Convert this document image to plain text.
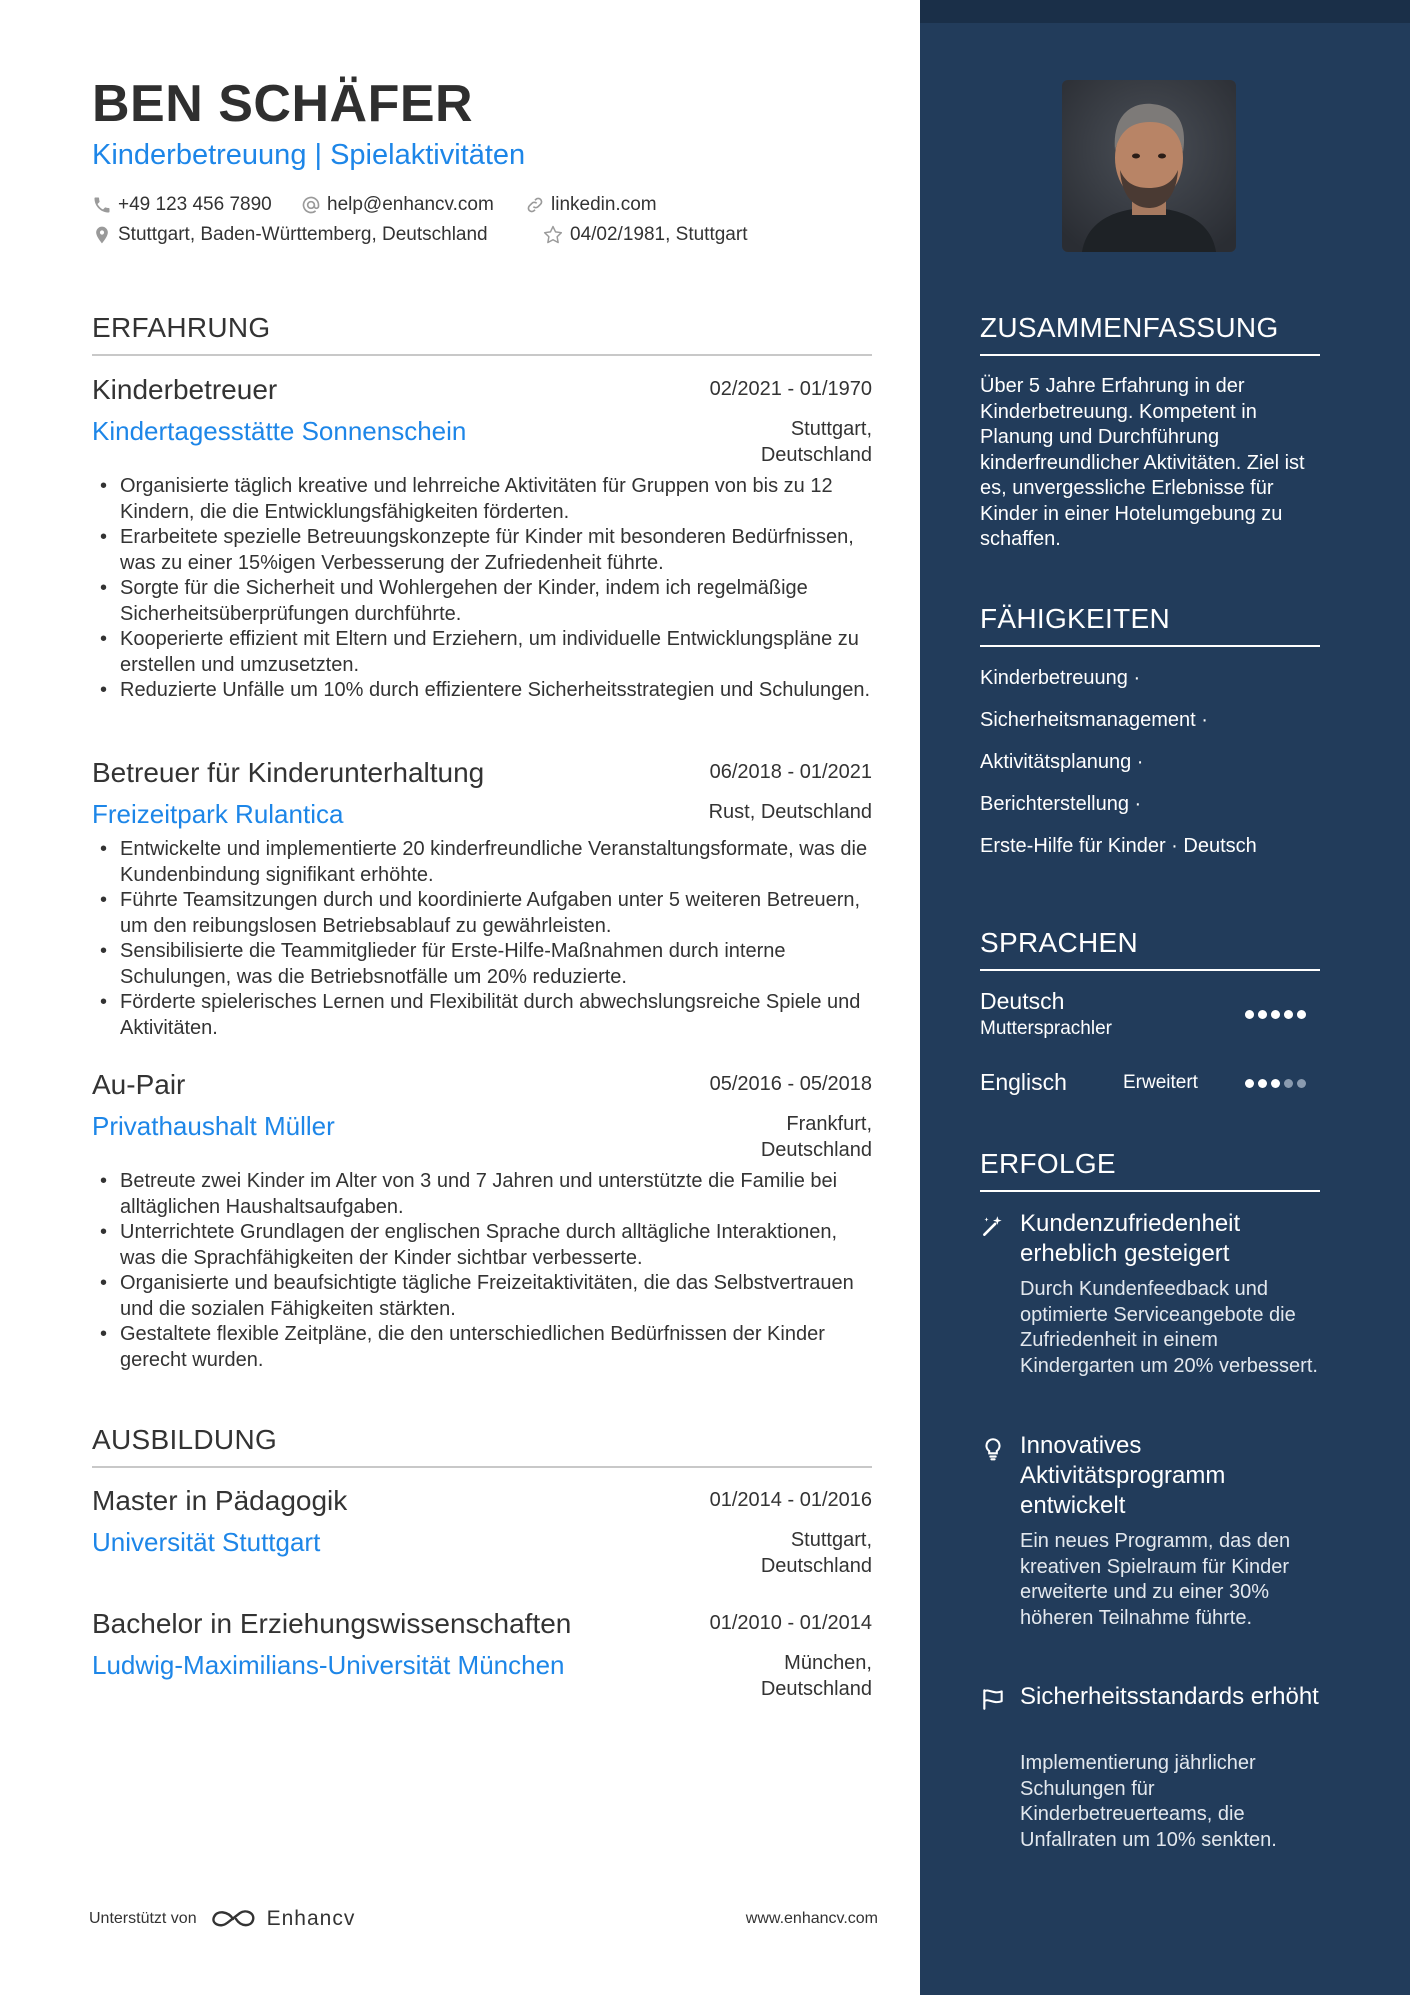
BEN SCHÄFER
Kinderbetreuung | Spielaktivitäten
+49 123 456 7890	help@enhancv.com	linkedin.com
Stuttgart, Baden-Württemberg, Deutschland	04/02/1981, Stuttgart
ERFAHRUNG
Kinderbetreuer	02/2021 - 01/1970
Kindertagesstätte Sonnenschein	Stuttgart,
Deutschland
• Organisierte täglich kreative und lehrreiche Aktivitäten für Gruppen von bis zu 12 Kindern, die die Entwicklungsfähigkeiten förderten.
• Erarbeitete spezielle Betreuungskonzepte für Kinder mit besonderen Bedürfnissen, was zu einer 15%igen Verbesserung der Zufriedenheit führte.
• Sorgte für die Sicherheit und Wohlergehen der Kinder, indem ich regelmäßige Sicherheitsüberprüfungen durchführte.
• Kooperierte effizient mit Eltern und Erziehern, um individuelle Entwicklungspläne zu erstellen und umzusetzten.
• Reduzierte Unfälle um 10% durch effizientere Sicherheitsstrategien und Schulungen.
Betreuer für Kinderunterhaltung	06/2018 - 01/2021
Freizeitpark Rulantica	Rust, Deutschland
• Entwickelte und implementierte 20 kinderfreundliche Veranstaltungsformate, was die Kundenbindung signifikant erhöhte.
• Führte Teamsitzungen durch und koordinierte Aufgaben unter 5 weiteren Betreuern, um den reibungslosen Betriebsablauf zu gewährleisten.
• Sensibilisierte die Teammitglieder für Erste-Hilfe-Maßnahmen durch interne Schulungen, was die Betriebsnotfälle um 20% reduzierte.
• Förderte spielerisches Lernen und Flexibilität durch abwechslungsreiche Spiele und Aktivitäten.
Au-Pair	05/2016 - 05/2018
Privathaushalt Müller	Frankfurt,
Deutschland
• Betreute zwei Kinder im Alter von 3 und 7 Jahren und unterstützte die Familie bei alltäglichen Haushaltsaufgaben.
• Unterrichtete Grundlagen der englischen Sprache durch alltägliche Interaktionen, was die Sprachfähigkeiten der Kinder sichtbar verbesserte.
• Organisierte und beaufsichtigte tägliche Freizeitaktivitäten, die das Selbstvertrauen und die sozialen Fähigkeiten stärkten.
• Gestaltete flexible Zeitpläne, die den unterschiedlichen Bedürfnissen der Kinder gerecht wurden.
AUSBILDUNG
Master in Pädagogik	01/2014 - 01/2016
Universität Stuttgart	Stuttgart,
Deutschland
Bachelor in Erziehungswissenschaften	01/2010 - 01/2014
Ludwig-Maximilians-Universität München	München,
Deutschland
Unterstützt von	Enhancv	www.enhancv.com
ZUSAMMENFASSUNG
Über 5 Jahre Erfahrung in der Kinderbetreuung. Kompetent in Planung und Durchführung kinderfreundlicher Aktivitäten. Ziel ist es, unvergessliche Erlebnisse für Kinder in einer Hotelumgebung zu schaffen.
FÄHIGKEITEN
Kinderbetreuung ·
Sicherheitsmanagement ·
Aktivitätsplanung ·
Berichterstellung ·
Erste-Hilfe für Kinder · Deutsch
SPRACHEN
Deutsch
Muttersprachler
Englisch	Erweitert
ERFOLGE
Kundenzufriedenheit erheblich gesteigert
Durch Kundenfeedback und optimierte Serviceangebote die Zufriedenheit in einem Kindergarten um 20% verbessert.
Innovatives Aktivitätsprogramm entwickelt
Ein neues Programm, das den kreativen Spielraum für Kinder erweiterte und zu einer 30% höheren Teilnahme führte.
Sicherheitsstandards erhöht
Implementierung jährlicher Schulungen für Kinderbetreuerteams, die Unfallraten um 10% senkten.
